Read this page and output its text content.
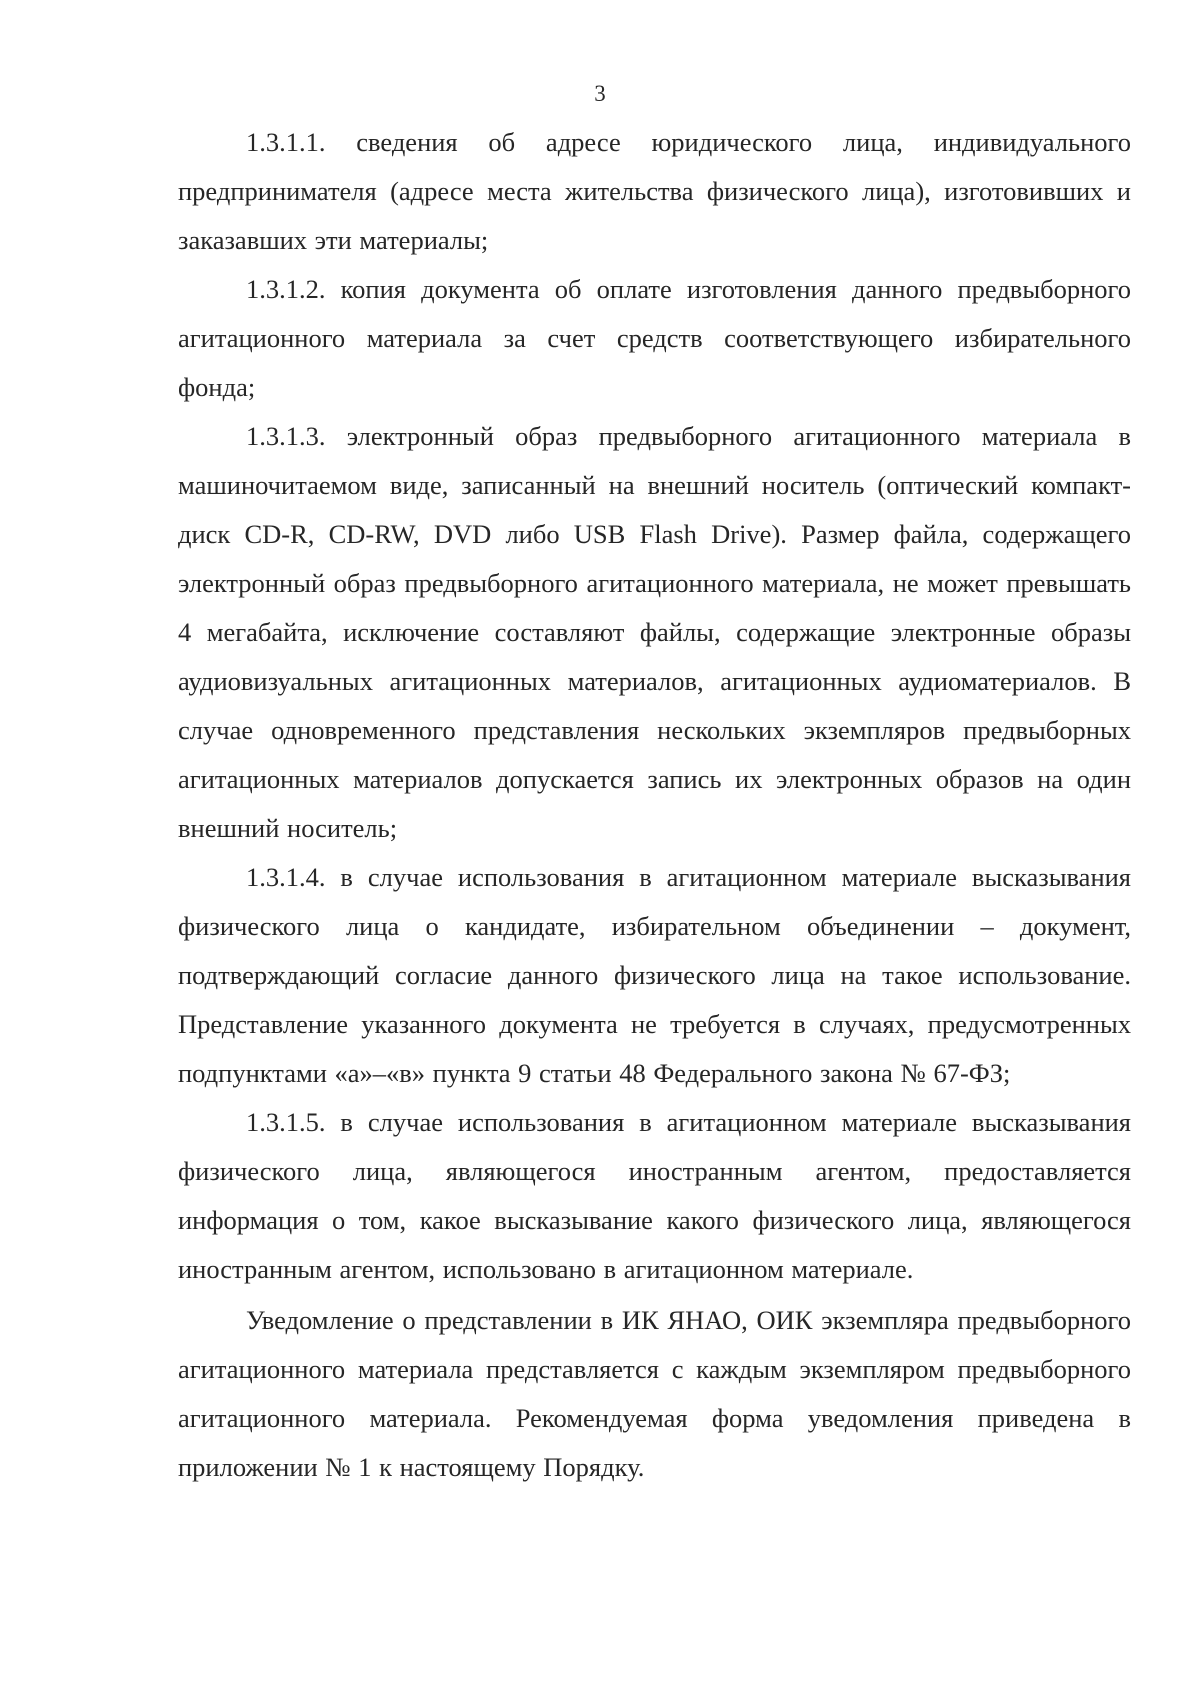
3

1.3.1.1. сведения об адресе юридического лица, индивидуального предпринимателя (адресе места жительства физического лица), изготовивших и заказавших эти материалы;

1.3.1.2. копия документа об оплате изготовления данного предвыборного агитационного материала за счет средств соответствующего избирательного фонда;

1.3.1.3. электронный образ предвыборного агитационного материала в машиночитаемом виде, записанный на внешний носитель (оптический компакт-диск CD-R, CD-RW, DVD либо USB Flash Drive). Размер файла, содержащего электронный образ предвыборного агитационного материала, не может превышать 4 мегабайта, исключение составляют файлы, содержащие электронные образы аудиовизуальных агитационных материалов, агитационных аудиоматериалов. В случае одновременного представления нескольких экземпляров предвыборных агитационных материалов допускается запись их электронных образов на один внешний носитель;

1.3.1.4. в случае использования в агитационном материале высказывания физического лица о кандидате, избирательном объединении – документ, подтверждающий согласие данного физического лица на такое использование. Представление указанного документа не требуется в случаях, предусмотренных подпунктами «а»–«в» пункта 9 статьи 48 Федерального закона № 67-ФЗ;

1.3.1.5. в случае использования в агитационном материале высказывания физического лица, являющегося иностранным агентом, предоставляется информация о том, какое высказывание какого физического лица, являющегося иностранным агентом, использовано в агитационном материале.

Уведомление о представлении в ИК ЯНАО, ОИК экземпляра предвыборного агитационного материала представляется с каждым экземпляром предвыборного агитационного материала. Рекомендуемая форма уведомления приведена в приложении № 1 к настоящему Порядку.
